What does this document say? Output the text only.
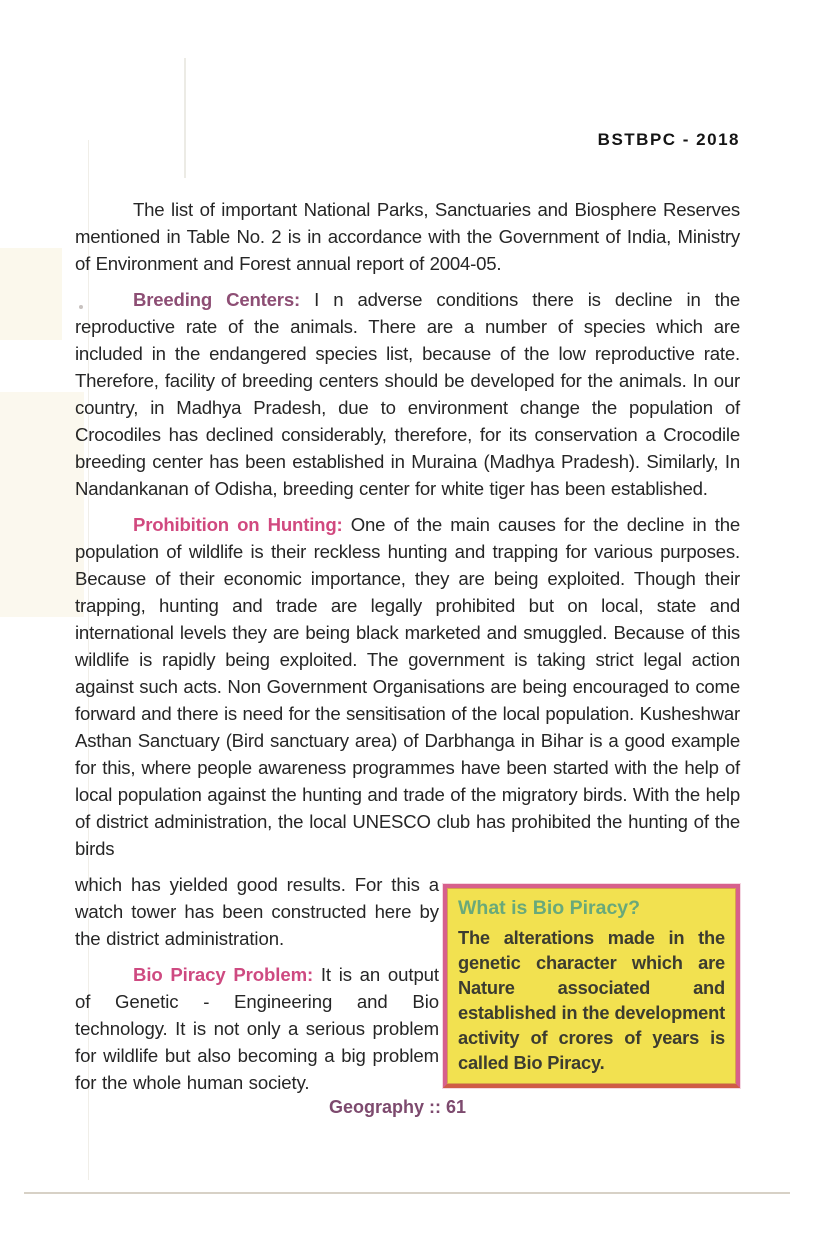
BSTBPC - 2018

The list of important National Parks, Sanctuaries and Biosphere Reserves mentioned in Table No. 2 is in accordance with the Government of India, Ministry of Environment and Forest annual report of 2004-05.

Breeding Centers: I n adverse conditions there is decline in the reproductive rate of the animals. There are a number of species which are included in the endangered species list, because of the low reproductive rate. Therefore, facility of breeding centers should be developed for the animals. In our country, in Madhya Pradesh, due to environment change the population of Crocodiles has declined considerably, therefore, for its conservation a Crocodile breeding center has been established in Muraina (Madhya Pradesh). Similarly, In Nandankanan of Odisha, breeding center for white tiger has been established.

Prohibition on Hunting: One of the main causes for the decline in the population of wildlife is their reckless hunting and trapping for various purposes. Because of their economic importance, they are being exploited. Though their trapping, hunting and trade are legally prohibited but on local, state and international levels they are being black marketed and smuggled. Because of this wildlife is rapidly being exploited. The government is taking strict legal action against such acts. Non Government Organisations are being encouraged to come forward and there is need for the sensitisation of the local population. Kusheshwar Asthan Sanctuary (Bird sanctuary area) of Darbhanga in Bihar is a good example for this, where people awareness programmes have been started with the help of local population against the hunting and trade of the migratory birds. With the help of district administration, the local UNESCO club has prohibited the hunting of the birds

which has yielded good results. For this a watch tower has been constructed here by the district administration.

Bio Piracy Problem: It is an output of Genetic - Engineering and Bio technology. It is not only a serious problem for wildlife but also becoming a big problem for the whole human society.

What is Bio Piracy?

The alterations made in the genetic character which are Nature associated and established in the development activity of crores of years is called Bio Piracy.

Geography :: 61
